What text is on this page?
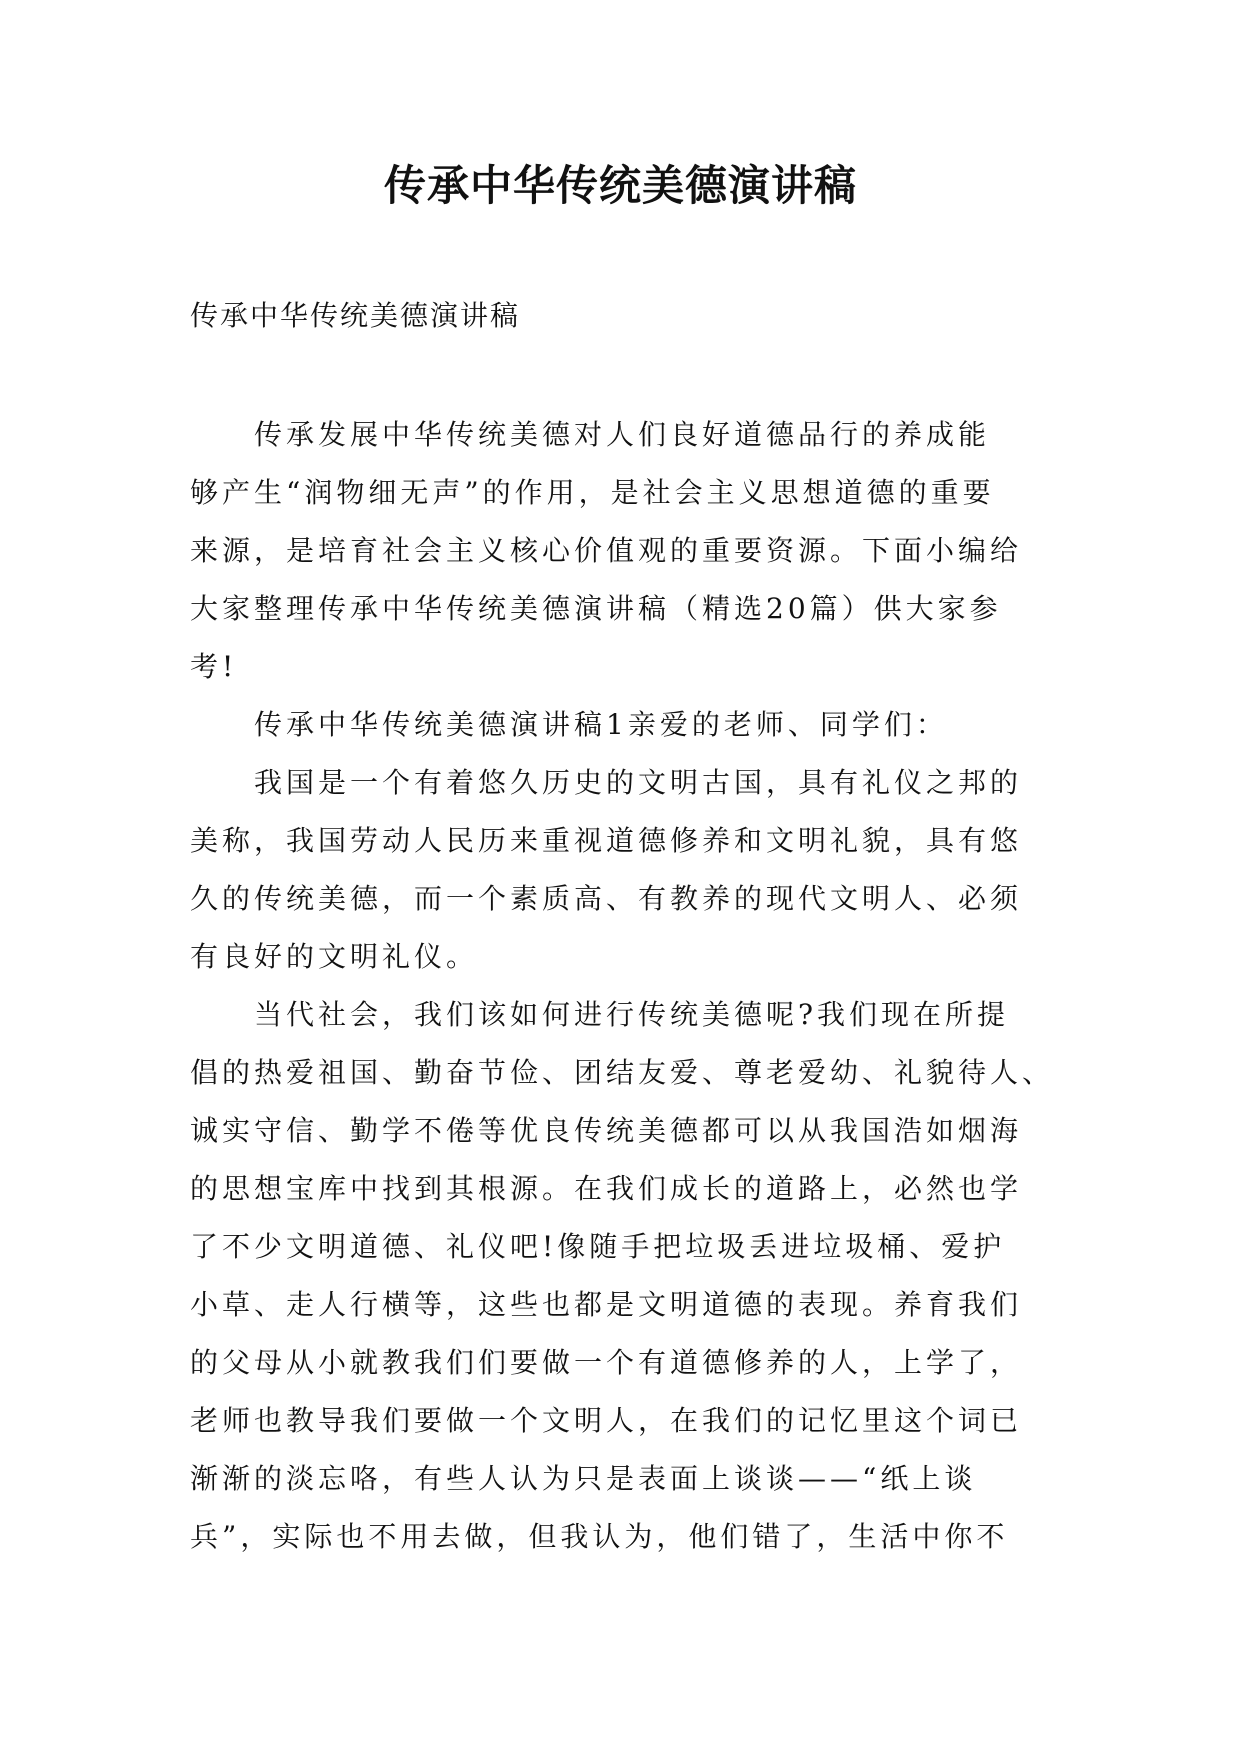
传承中华传统美德演讲稿
传承中华传统美德演讲稿

传承发展中华传统美德对人们良好道德品行的养成能
够产生“润物细无声”的作用，是社会主义思想道德的重要
来源，是培育社会主义核心价值观的重要资源。下面小编给
大家整理传承中华传统美德演讲稿（精选20篇）供大家参
考!

传承中华传统美德演讲稿1亲爱的老师、同学们：

我国是一个有着悠久历史的文明古国，具有礼仪之邦的
美称，我国劳动人民历来重视道德修养和文明礼貌，具有悠
久的传统美德，而一个素质高、有教养的现代文明人、必须
有良好的文明礼仪。

当代社会，我们该如何进行传统美德呢?我们现在所提
倡的热爱祖国、勤奋节俭、团结友爱、尊老爱幼、礼貌待人、
诚实守信、勤学不倦等优良传统美德都可以从我国浩如烟海
的思想宝库中找到其根源。在我们成长的道路上，必然也学
了不少文明道德、礼仪吧!像随手把垃圾丢进垃圾桶、爱护
小草、走人行横等，这些也都是文明道德的表现。养育我们
的父母从小就教我们们要做一个有道德修养的人，上学了，
老师也教导我们要做一个文明人，在我们的记忆里这个词已
渐渐的淡忘咯，有些人认为只是表面上谈谈——“纸上谈
兵”，实际也不用去做，但我认为，他们错了，生活中你不
